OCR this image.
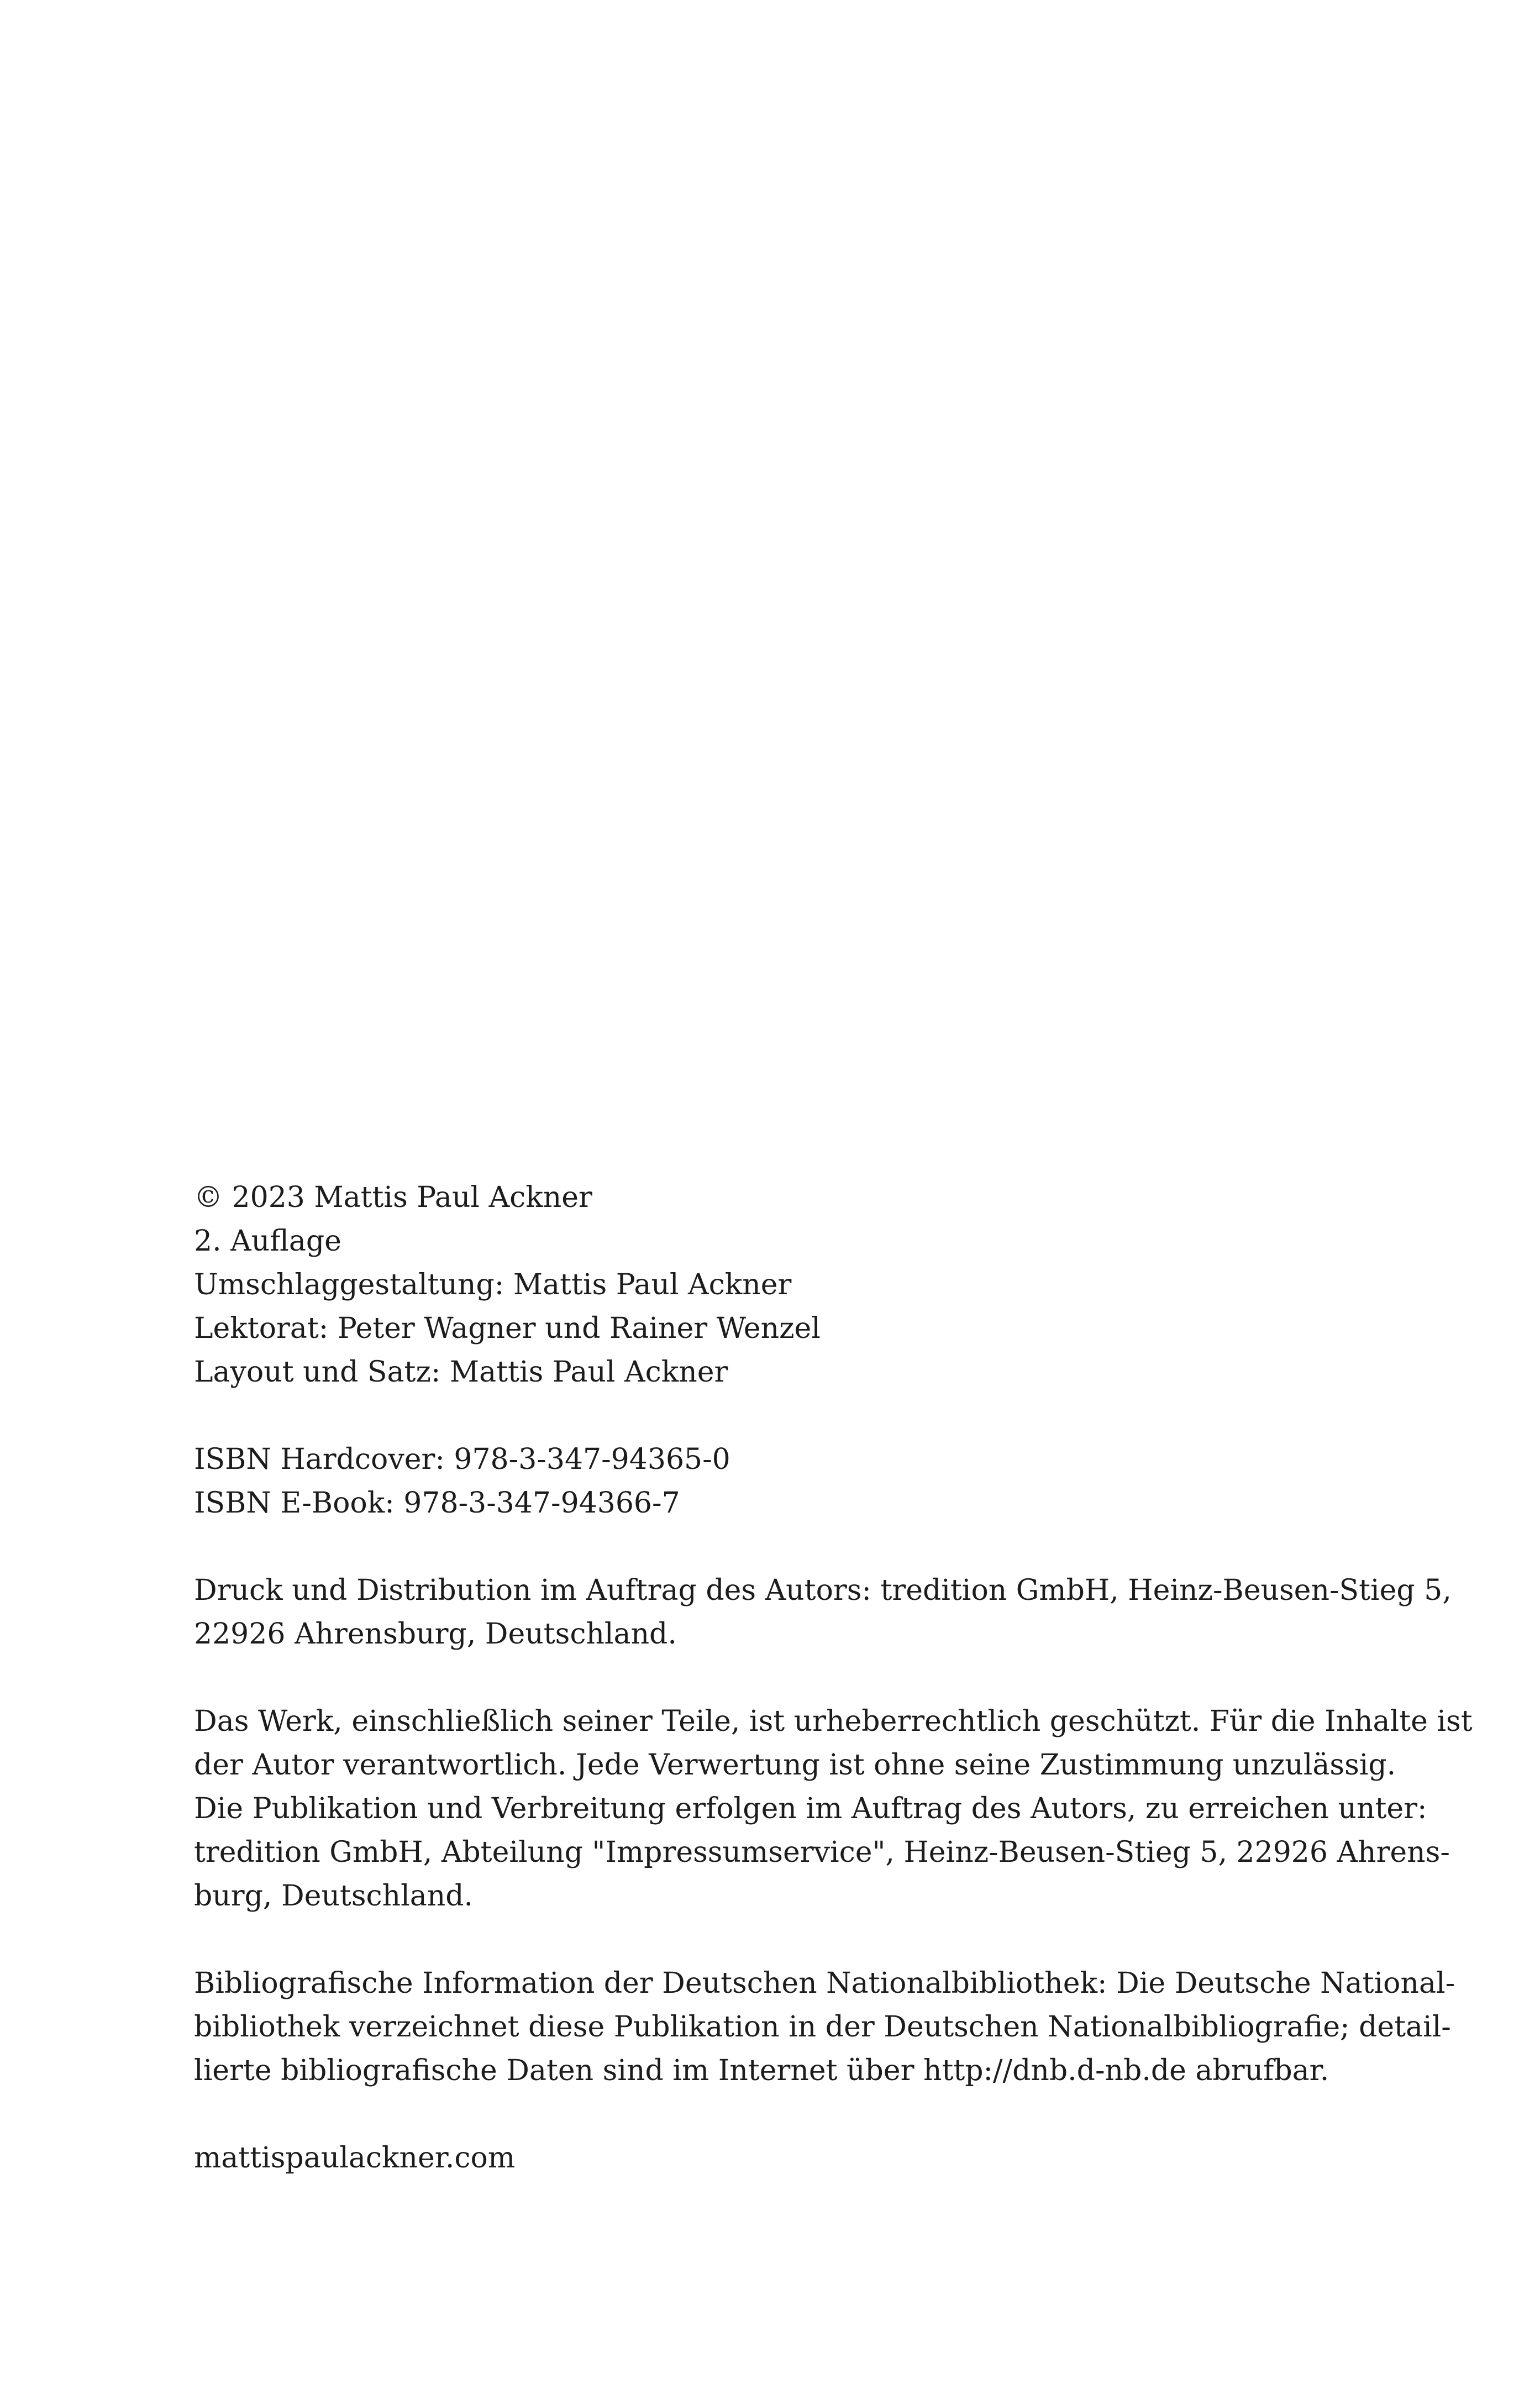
© 2023 Mattis Paul Ackner
2. Auflage
Umschlaggestaltung: Mattis Paul Ackner
Lektorat: Peter Wagner und Rainer Wenzel
Layout und Satz: Mattis Paul Ackner
ISBN Hardcover: 978-3-347-94365-0
ISBN E-Book: 978-3-347-94366-7
Druck und Distribution im Auftrag des Autors: tredition GmbH, Heinz-Beusen-Stieg 5,
22926 Ahrensburg, Deutschland.
Das Werk, einschließlich seiner Teile, ist urheberrechtlich geschützt. Für die Inhalte ist
der Autor verantwortlich. Jede Verwertung ist ohne seine Zustimmung unzulässig.
Die Publikation und Verbreitung erfolgen im Auftrag des Autors, zu erreichen unter:
tredition GmbH, Abteilung "Impressumservice", Heinz-Beusen-Stieg 5, 22926 Ahrens-
burg, Deutschland.
Bibliografische Information der Deutschen Nationalbibliothek: Die Deutsche National-
bibliothek verzeichnet diese Publikation in der Deutschen Nationalbibliografie; detail-
lierte bibliografische Daten sind im Internet über http://dnb.d-nb.de abrufbar.
mattispaulackner.com
